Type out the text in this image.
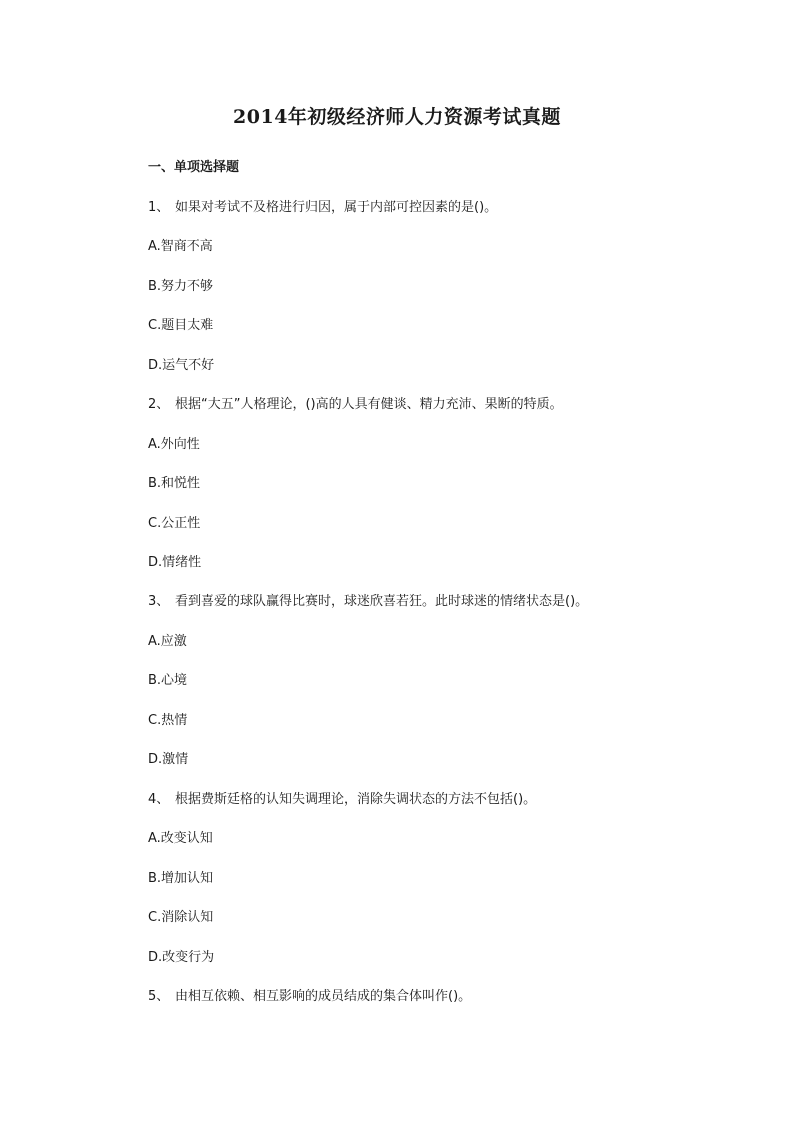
2014年初级经济师人力资源考试真题
一、单项选择题
1、 如果对考试不及格进行归因，属于内部可控因素的是()。
A.智商不高
B.努力不够
C.题目太难
D.运气不好
2、 根据“大五”人格理论，()高的人具有健谈、精力充沛、果断的特质。
A.外向性
B.和悦性
C.公正性
D.情绪性
3、 看到喜爱的球队赢得比赛时，球迷欣喜若狂。此时球迷的情绪状态是()。
A.应激
B.心境
C.热情
D.激情
4、 根据费斯廷格的认知失调理论，消除失调状态的方法不包括()。
A.改变认知
B.增加认知
C.消除认知
D.改变行为
5、 由相互依赖、相互影响的成员结成的集合体叫作()。
